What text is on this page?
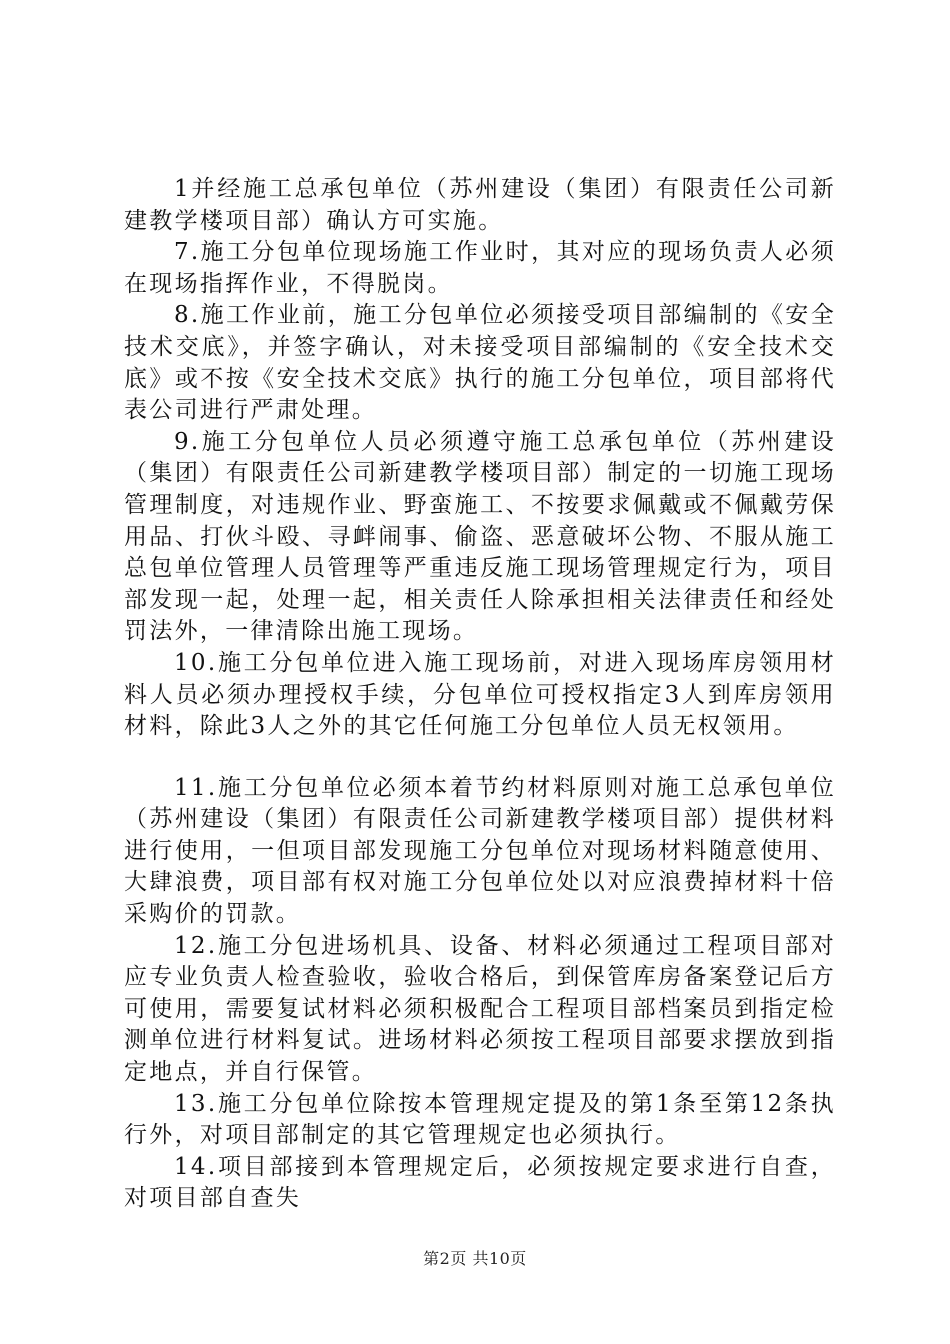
1并经施工总承包单位（苏州建设（集团）有限责任公司新建教学楼项目部）确认方可实施。

7.施工分包单位现场施工作业时，其对应的现场负责人必须在现场指挥作业，不得脱岗。

8.施工作业前，施工分包单位必须接受项目部编制的《安全技术交底》，并签字确认，对未接受项目部编制的《安全技术交底》或不按《安全技术交底》执行的施工分包单位，项目部将代表公司进行严肃处理。

9.施工分包单位人员必须遵守施工总承包单位（苏州建设（集团）有限责任公司新建教学楼项目部）制定的一切施工现场管理制度，对违规作业、野蛮施工、不按要求佩戴或不佩戴劳保用品、打伙斗殴、寻衅闹事、偷盗、恶意破坏公物、不服从施工总包单位管理人员管理等严重违反施工现场管理规定行为，项目部发现一起，处理一起，相关责任人除承担相关法律责任和经处罚法外，一律清除出施工现场。

10.施工分包单位进入施工现场前，对进入现场库房领用材料人员必须办理授权手续，分包单位可授权指定3人到库房领用材料，除此3人之外的其它任何施工分包单位人员无权领用。

11.施工分包单位必须本着节约材料原则对施工总承包单位（苏州建设（集团）有限责任公司新建教学楼项目部）提供材料进行使用，一但项目部发现施工分包单位对现场材料随意使用、大肆浪费，项目部有权对施工分包单位处以对应浪费掉材料十倍采购价的罚款。

12.施工分包进场机具、设备、材料必须通过工程项目部对应专业负责人检查验收，验收合格后，到保管库房备案登记后方可使用，需要复试材料必须积极配合工程项目部档案员到指定检测单位进行材料复试。进场材料必须按工程项目部要求摆放到指定地点，并自行保管。

13.施工分包单位除按本管理规定提及的第1条至第12条执行外，对项目部制定的其它管理规定也必须执行。

14.项目部接到本管理规定后，必须按规定要求进行自查，对项目部自查失

第2页 共10页
